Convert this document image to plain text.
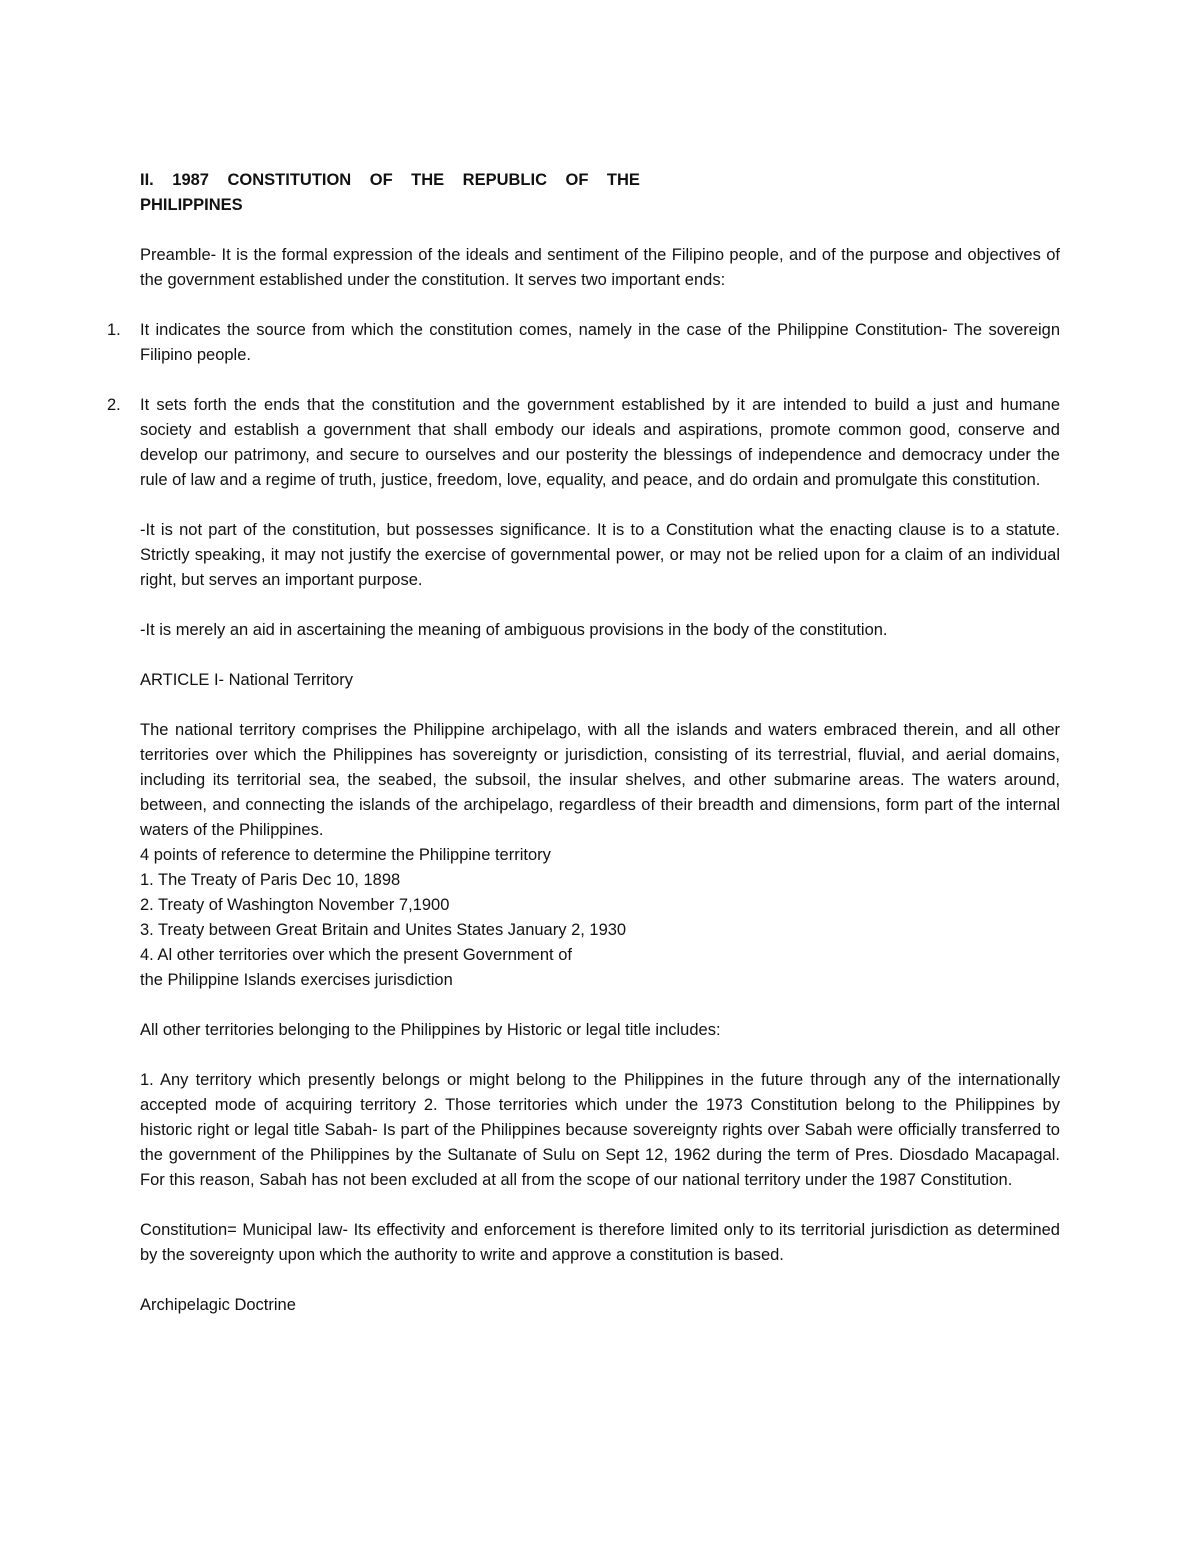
II. 1987 CONSTITUTION OF THE REPUBLIC OF THE

PHILIPPINES

Preamble- It is the formal expression of the ideals and sentiment of the Filipino people, and of the purpose and objectives of the government established under the constitution. It serves two important ends:

1. It indicates the source from which the constitution comes, namely in the case of the Philippine Constitution- The sovereign Filipino people.
2. It sets forth the ends that the constitution and the government established by it are intended to build a just and humane society and establish a government that shall embody our ideals and aspirations, promote common good, conserve and develop our patrimony, and secure to ourselves and our posterity the blessings of independence and democracy under the rule of law and a regime of truth, justice, freedom, love, equality, and peace, and do ordain and promulgate this constitution.

-It is not part of the constitution, but possesses significance. It is to a Constitution what the enacting clause is to a statute. Strictly speaking, it may not justify the exercise of governmental power, or may not be relied upon for a claim of an individual right, but serves an important purpose.

-It is merely an aid in ascertaining the meaning of ambiguous provisions in the body of the constitution.

ARTICLE I- National Territory

The national territory comprises the Philippine archipelago, with all the islands and waters embraced therein, and all other territories over which the Philippines has sovereignty or jurisdiction, consisting of its terrestrial, fluvial, and aerial domains, including its territorial sea, the seabed, the subsoil, the insular shelves, and other submarine areas. The waters around, between, and connecting the islands of the archipelago, regardless of their breadth and dimensions, form part of the internal waters of the Philippines.

4 points of reference to determine the Philippine territory

1. The Treaty of Paris Dec 10, 1898

2. Treaty of Washington November 7,1900

3. Treaty between Great Britain and Unites States January 2, 1930

4. Al other territories over which the present Government of

the Philippine Islands exercises jurisdiction

All other territories belonging to the Philippines by Historic or legal title includes:

1. Any territory which presently belongs or might belong to the Philippines in the future through any of the internationally accepted mode of acquiring territory 2. Those territories which under the 1973 Constitution belong to the Philippines by historic right or legal title Sabah- Is part of the Philippines because sovereignty rights over Sabah were officially transferred to the government of the Philippines by the Sultanate of Sulu on Sept 12, 1962 during the term of Pres. Diosdado Macapagal. For this reason, Sabah has not been excluded at all from the scope of our national territory under the 1987 Constitution.

Constitution= Municipal law- Its effectivity and enforcement is therefore limited only to its territorial jurisdiction as determined by the sovereignty upon which the authority to write and approve a constitution is based.

Archipelagic Doctrine
